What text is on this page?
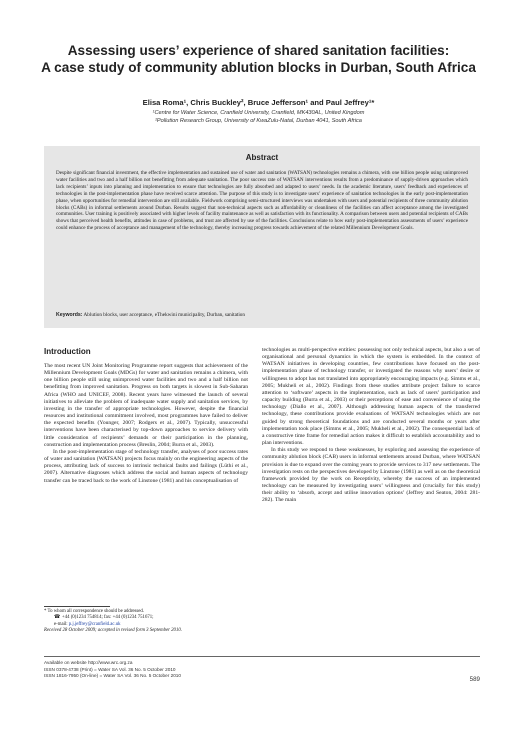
Assessing users’ experience of shared sanitation facilities:
A case study of community ablution blocks in Durban, South Africa
Elisa Roma¹, Chris Buckley², Bruce Jefferson¹ and Paul Jeffrey¹*
¹Centre for Water Science, Cranfield University, Cranfield, MK430AL, United Kingdom
²Pollution Research Group, University of KwaZulu-Natal, Durban 4041, South Africa
Abstract
Despite significant financial investment, the effective implementation and sustained use of water and sanitation (WATSAN) technologies remains a chimera, with one billion people using unimproved water facilities and two and a half billion not benefitting from adequate sanitation. The poor success rate of WATSAN interventions results from a predominance of supply-driven approaches which lack recipients’ inputs into planning and implementation to ensure that technologies are fully absorbed and adapted to users’ needs. In the academic literature, users’ feedback and experiences of technologies in the post-implementation phase have received scarce attention. The purpose of this study is to investigate users’ experience of sanitation technologies in the early post-implementation phase, when opportunities for remedial intervention are still available. Fieldwork comprising semi-structured interviews was undertaken with users and potential recipients of three community ablution blocks (CABs) in informal settlements around Durban. Results suggest that non-technical aspects such as affordability or cleanliness of the facilities can affect acceptance among the investigated communities. User training is positively associated with higher levels of facility maintenance as well as satisfaction with its functionality. A comparison between users and potential recipients of CABs shows that perceived health benefits, attitudes in case of problems, and trust are affected by use of the facilities. Conclusions relate to how early post-implementation assessments of users’ experience could enhance the process of acceptance and management of the technology, thereby increasing progress towards achievement of the related Millennium Development Goals.
Keywords: Ablution blocks, user acceptance, eThekwini municipality, Durban, sanitation
Introduction

The most recent UN Joint Monitoring Programme report suggests that achievement of the Millennium Development Goals (MDGs) for water and sanitation remains a chimera, with one billion people still using unimproved water facilities and two and a half billion not benefitting from improved sanitation. Progress on both targets is slowest in Sub-Saharan Africa (WHO and UNICEF, 2008). Recent years have witnessed the launch of several initiatives to alleviate the problem of inadequate water supply and sanitation services, by investing in the transfer of appropriate technologies. However, despite the financial resources and institutional commitment involved, most programmes have failed to deliver the expected benefits (Younger, 2007; Rodgers et al., 2007). Typically, unsuccessful interventions have been characterised by top-down approaches to service delivery with little consideration of recipients’ demands or their participation in the planning, construction and implementation process (Breslin, 2004; Burra et al., 2003).

In the post-implementation stage of technology transfer, analyses of poor success rates of water and sanitation (WATSAN) projects focus mainly on the engineering aspects of the process, attributing lack of success to intrinsic technical faults and failings (Lüthi et al., 2007). Alternative diagnoses which address the social and human aspects of technology transfer can be traced back to the work of Linstone (1981) and his conceptualisation of

technologies as multi-perspective entities: possessing not only technical aspects, but also a set of organisational and personal dynamics in which the system is embedded. In the context of WATSAN initiatives in developing countries, few contributions have focused on the post-implementation phase of technology transfer, or investigated the reasons why users’ desire or willingness to adopt has not translated into appropriately encouraging impacts (e.g. Simms et al., 2005; Mukheli et al., 2002). Findings from these studies attribute project failure to scarce attention to ‘software’ aspects in the implementation, such as lack of users’ participation and capacity building (Burra et al., 2003) or their perceptions of ease and convenience of using the technology (Diallo et al., 2007). Although addressing human aspects of the transferred technology, these contributions provide evaluations of WATSAN technologies which are not guided by strong theoretical foundations and are conducted several months or years after implementation took place (Simms et al., 2005; Mukheli et al., 2002). The consequential lack of a constructive time frame for remedial action makes it difficult to establish accountability and to plan interventions.

In this study we respond to these weaknesses, by exploring and assessing the experience of community ablution block (CAB) users in informal settlements around Durban, where WATSAN provision is due to expand over the coming years to provide services to 317 new settlements. The investigation rests on the perspectives developed by Linstone (1981) as well as on the theoretical framework provided by the work on Receptivity, whereby the success of an implemented technology can be measured by investigating users’ willingness and (crucially for this study) their ability to ‘absorb, accept and utilise innovation options’ (Jeffrey and Seaton, 2004: 281-282). The main

* To whom all correspondence should be addressed.
☎ +44 (0)1234 754814; fax: +44 (0)1234 751671;
e-mail: p.j.jeffrey@cranfield.ac.uk
Received 28 October 2009; accepted in revised form 3 September 2010.
Available on website http://www.wrc.org.za
ISSN 0378-4738 (Print) = Water SA Vol. 36 No. 5 October 2010
ISSN 1816-7950 (On-line) = Water SA Vol. 36 No. 5 October 2010
589
